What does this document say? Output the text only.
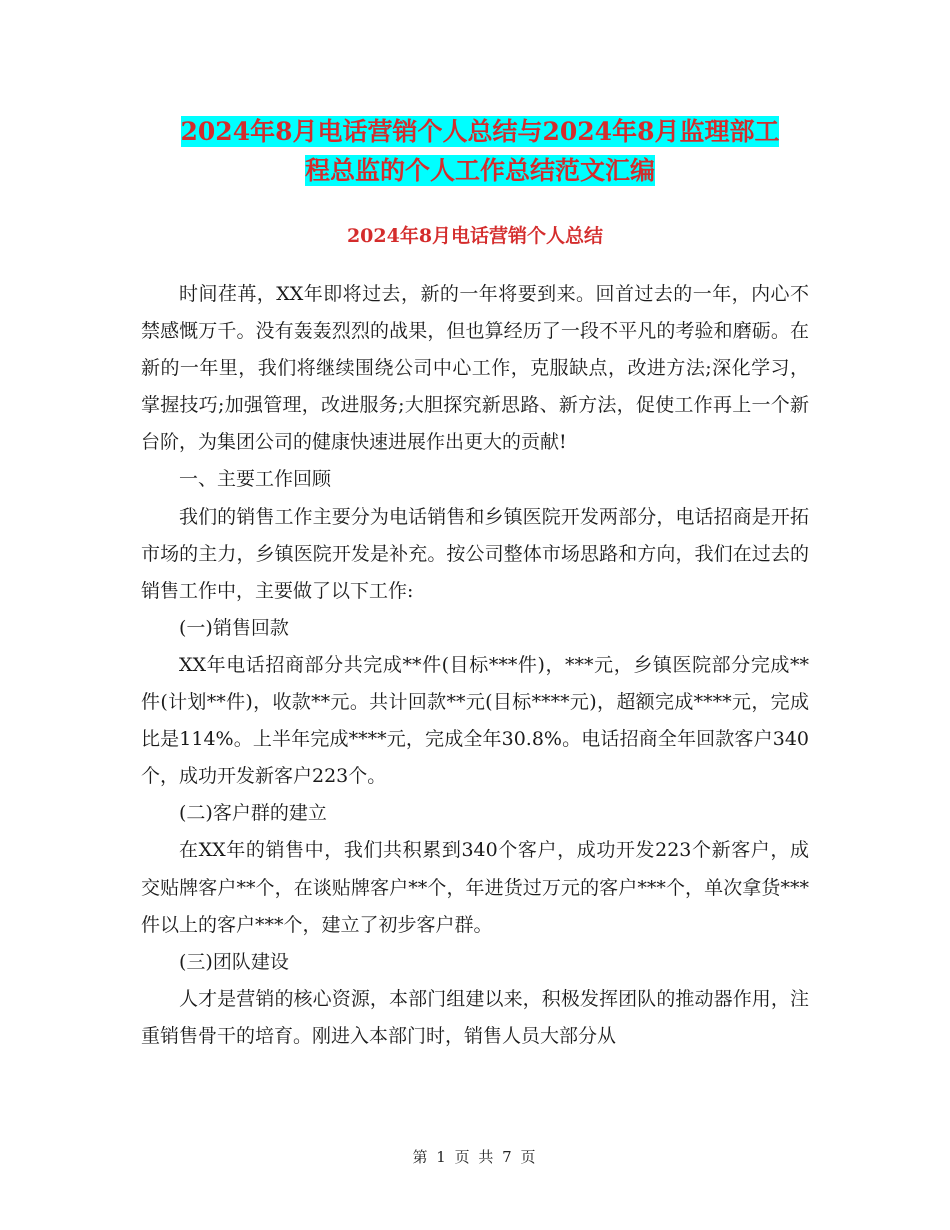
2024年8月电话营销个人总结与2024年8月监理部工
程总监的个人工作总结范文汇编
2024年8月电话营销个人总结

时间荏苒，XX年即将过去，新的一年将要到来。回首过去的一年，内心不禁感慨万千。没有轰轰烈烈的战果，但也算经历了一段不平凡的考验和磨砺。在新的一年里，我们将继续围绕公司中心工作，克服缺点，改进方法;深化学习，掌握技巧;加强管理，改进服务;大胆探究新思路、新方法，促使工作再上一个新台阶，为集团公司的健康快速进展作出更大的贡献!

一、主要工作回顾

我们的销售工作主要分为电话销售和乡镇医院开发两部分，电话招商是开拓市场的主力，乡镇医院开发是补充。按公司整体市场思路和方向，我们在过去的销售工作中，主要做了以下工作:

(一)销售回款

XX年电话招商部分共完成**件(目标***件)，***元，乡镇医院部分完成**件(计划**件)，收款**元。共计回款**元(目标****元)，超额完成****元，完成比是114%。上半年完成****元，完成全年30.8%。电话招商全年回款客户340个，成功开发新客户223个。

(二)客户群的建立

在XX年的销售中，我们共积累到340个客户，成功开发223个新客户，成交贴牌客户**个，在谈贴牌客户**个，年进货过万元的客户***个，单次拿货***件以上的客户***个，建立了初步客户群。

(三)团队建设

人才是营销的核心资源，本部门组建以来，积极发挥团队的推动器作用，注重销售骨干的培育。刚进入本部门时，销售人员大部分从

第 1 页 共 7 页
